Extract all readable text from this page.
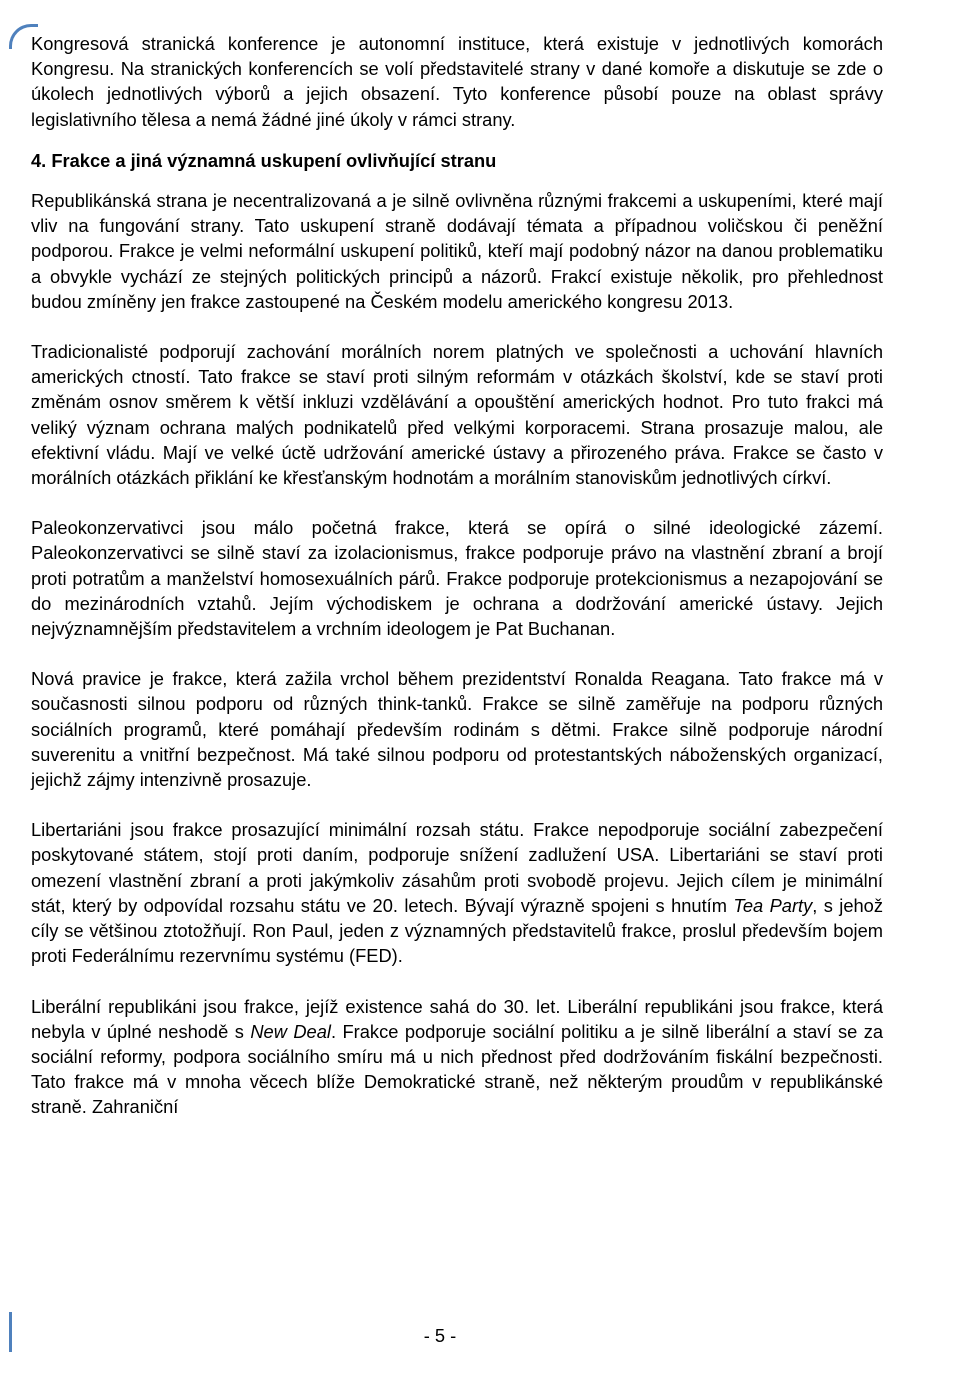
Kongresová stranická konference je autonomní instituce, která existuje v jednotlivých komorách Kongresu. Na stranických konferencích se volí představitelé strany v dané komoře a diskutuje se zde o úkolech jednotlivých výborů a jejich obsazení. Tyto konference působí pouze na oblast správy legislativního tělesa a nemá žádné jiné úkoly v rámci strany.

4. Frakce a jiná významná uskupení ovlivňující stranu

Republikánská strana je necentralizovaná a je silně ovlivněna různými frakcemi a uskupeními, které mají vliv na fungování strany. Tato uskupení straně dodávají témata a případnou voličskou či peněžní podporou. Frakce je velmi neformální uskupení politiků, kteří mají podobný názor na danou problematiku a obvykle vychází ze stejných politických principů a názorů. Frakcí existuje několik, pro přehlednost budou zmíněny jen frakce zastoupené na Českém modelu amerického kongresu 2013.

Tradicionalisté podporují zachování morálních norem platných ve společnosti a uchování hlavních amerických ctností. Tato frakce se staví proti silným reformám v otázkách školství, kde se staví proti změnám osnov směrem k větší inkluzi vzdělávání a opouštění amerických hodnot. Pro tuto frakci má veliký význam ochrana malých podnikatelů před velkými korporacemi. Strana prosazuje malou, ale efektivní vládu. Mají ve velké úctě udržování americké ústavy a přirozeného práva. Frakce se často v morálních otázkách přiklání ke křesťanským hodnotám a morálním stanoviskům jednotlivých církví.

Paleokonzervativci jsou málo početná frakce, která se opírá o silné ideologické zázemí. Paleokonzervativci se silně staví za izolacionismus, frakce podporuje právo na vlastnění zbraní a brojí proti potratům a manželství homosexuálních párů. Frakce podporuje protekcionismus a nezapojování se do mezinárodních vztahů. Jejím východiskem je ochrana a dodržování americké ústavy. Jejich nejvýznamnějším představitelem a vrchním ideologem je Pat Buchanan.

Nová pravice je frakce, která zažila vrchol během prezidentství Ronalda Reagana. Tato frakce má v současnosti silnou podporu od různých think-tanků. Frakce se silně zaměřuje na podporu různých sociálních programů, které pomáhají především rodinám s dětmi. Frakce silně podporuje národní suverenitu a vnitřní bezpečnost. Má také silnou podporu od protestantských náboženských organizací, jejichž zájmy intenzivně prosazuje.

Libertariáni jsou frakce prosazující minimální rozsah státu. Frakce nepodporuje sociální zabezpečení poskytované státem, stojí proti daním, podporuje snížení zadlužení USA. Libertariáni se staví proti omezení vlastnění zbraní a proti jakýmkoliv zásahům proti svobodě projevu. Jejich cílem je minimální stát, který by odpovídal rozsahu státu ve 20. letech. Bývají výrazně spojeni s hnutím Tea Party, s jehož cíly se většinou ztotožňují. Ron Paul, jeden z významných představitelů frakce, proslul především bojem proti Federálnímu rezervnímu systému (FED).

Liberální republikáni jsou frakce, jejíž existence sahá do 30. let. Liberální republikáni jsou frakce, která nebyla v úplné neshodě s New Deal. Frakce podporuje sociální politiku a je silně liberální a staví se za sociální reformy, podpora sociálního smíru má u nich přednost před dodržováním fiskální bezpečnosti. Tato frakce má v mnoha věcech blíže Demokratické straně, než některým proudům v republikánské straně. Zahraniční

- 5 -
